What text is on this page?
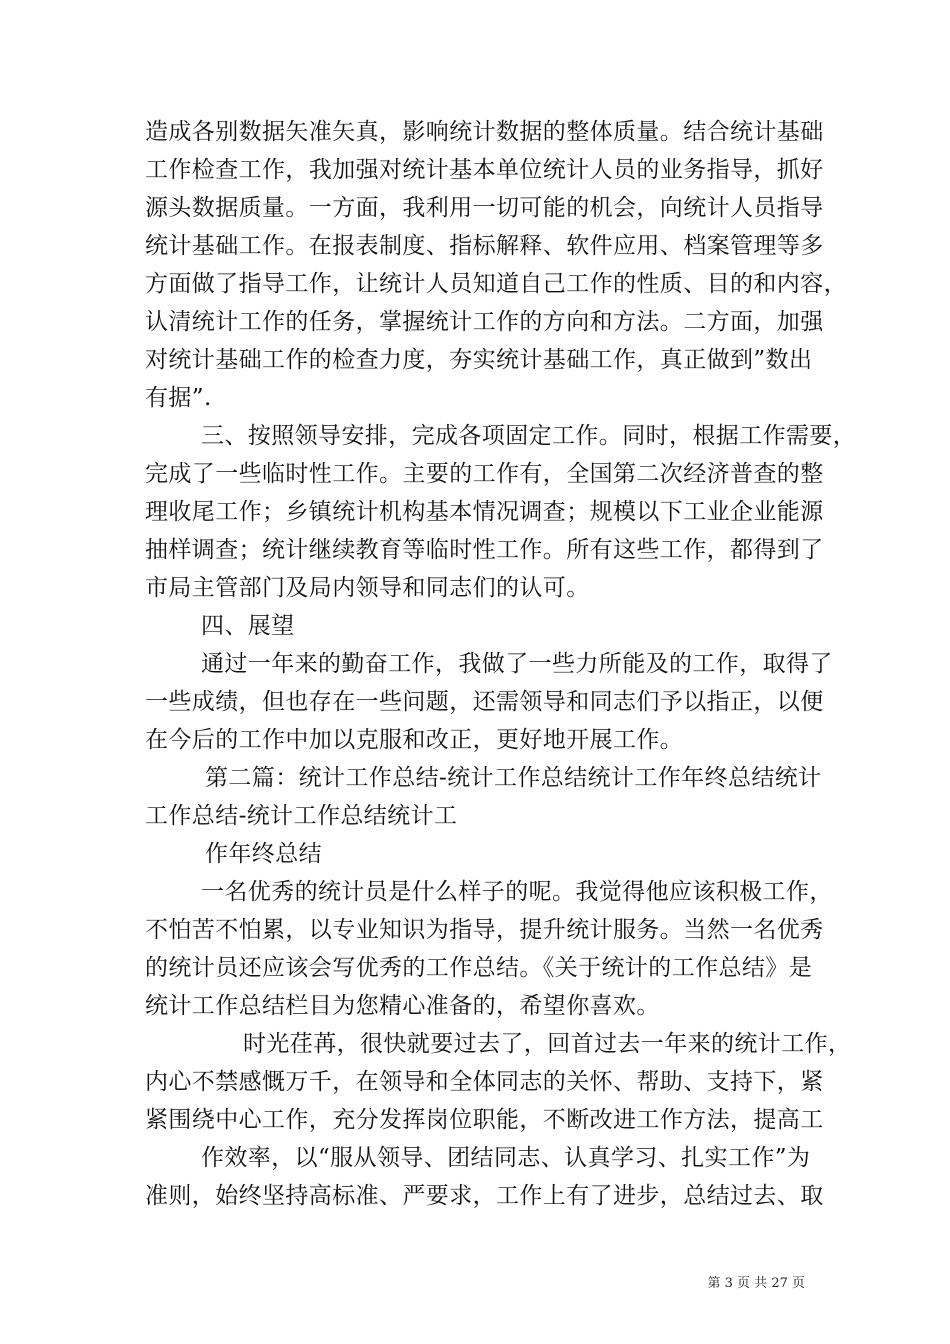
造成各别数据矢准矢真，影响统计数据的整体质量。结合统计基础
工作检查工作，我加强对统计基本单位统计人员的业务指导，抓好
源头数据质量。一方面，我利用一切可能的机会，向统计人员指导
统计基础工作。在报表制度、指标解释、软件应用、档案管理等多
方面做了指导工作，让统计人员知道自己工作的性质、目的和内容，
认清统计工作的任务，掌握统计工作的方向和方法。二方面，加强
对统计基础工作的检查力度，夯实统计基础工作，真正做到”数出
有据”.
三、按照领导安排，完成各项固定工作。同时，根据工作需要，
完成了一些临时性工作。主要的工作有，全国第二次经济普查的整
理收尾工作；乡镇统计机构基本情况调查；规模以下工业企业能源
抽样调查；统计继续教育等临时性工作。所有这些工作，都得到了
市局主管部门及局内领导和同志们的认可。
四、展望
通过一年来的勤奋工作，我做了一些力所能及的工作，取得了
一些成绩，但也存在一些问题，还需领导和同志们予以指正，以便
在今后的工作中加以克服和改正，更好地开展工作。
第二篇：统计工作总结-统计工作总结统计工作年终总结统计
工作总结-统计工作总结统计工
作年终总结
一名优秀的统计员是什么样子的呢。我觉得他应该积极工作，
不怕苦不怕累，以专业知识为指导，提升统计服务。当然一名优秀
的统计员还应该会写优秀的工作总结。《关于统计的工作总结》是
统计工作总结栏目为您精心准备的，希望你喜欢。
时光荏苒，很快就要过去了，回首过去一年来的统计工作，
内心不禁感慨万千，在领导和全体同志的关怀、帮助、支持下，紧
紧围绕中心工作，充分发挥岗位职能，不断改进工作方法，提高工
作效率，以“服从领导、团结同志、认真学习、扎实工作”为
准则，始终坚持高标准、严要求，工作上有了进步，总结过去、取
第 3 页 共 27 页
